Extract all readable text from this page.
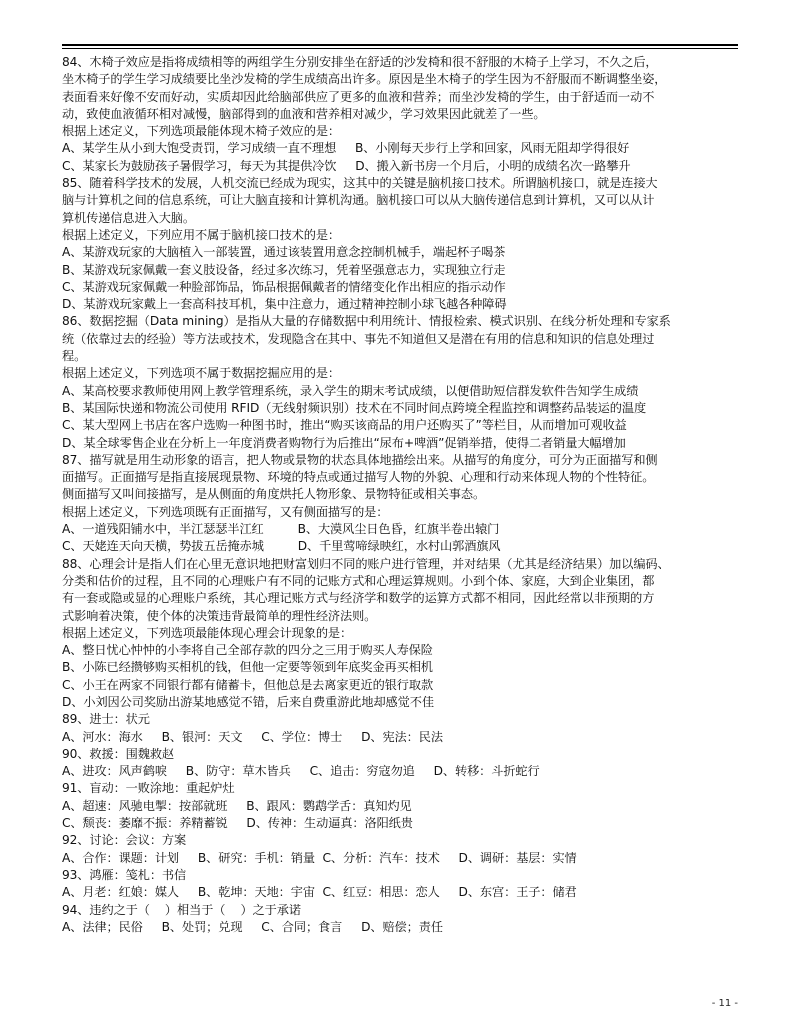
84、木椅子效应是指将成绩相等的两组学生分别安排坐在舒适的沙发椅和很不舒服的木椅子上学习，不久之后，

坐木椅子的学生学习成绩要比坐沙发椅的学生成绩高出许多。原因是坐木椅子的学生因为不舒服而不断调整坐姿，

表面看来好像不安而好动，实质却因此给脑部供应了更多的血液和营养；而坐沙发椅的学生，由于舒适而一动不

动，致使血液循环相对减慢，脑部得到的血液和营养相对减少，学习效果因此就差了一些。

根据上述定义，下列选项最能体现木椅子效应的是：

A、某学生从小到大饱受责罚，学习成绩一直不理想     B、小刚每天步行上学和回家，风雨无阻却学得很好

C、某家长为鼓励孩子暑假学习，每天为其提供冷饮     D、搬入新书房一个月后，小明的成绩名次一路攀升

85、随着科学技术的发展，人机交流已经成为现实，这其中的关键是脑机接口技术。所谓脑机接口，就是连接大

脑与计算机之间的信息系统，可让大脑直接和计算机沟通。脑机接口可以从大脑传递信息到计算机，又可以从计

算机传递信息进入大脑。

根据上述定义，下列应用不属于脑机接口技术的是：

A、某游戏玩家的大脑植入一部装置，通过该装置用意念控制机械手，端起杯子喝茶

B、某游戏玩家佩戴一套义肢设备，经过多次练习，凭着坚强意志力，实现独立行走

C、某游戏玩家佩戴一种脸部饰品，饰品根据佩戴者的情绪变化作出相应的指示动作

D、某游戏玩家戴上一套高科技耳机，集中注意力，通过精神控制小球飞越各种障碍

86、数据挖掘（Data mining）是指从大量的存储数据中利用统计、情报检索、模式识别、在线分析处理和专家系

统（依靠过去的经验）等方法或技术，发现隐含在其中、事先不知道但又是潜在有用的信息和知识的信息处理过

程。

根据上述定义，下列选项不属于数据挖掘应用的是：

A、某高校要求教师使用网上教学管理系统，录入学生的期末考试成绩，以便借助短信群发软件告知学生成绩

B、某国际快递和物流公司使用 RFID（无线射频识别）技术在不同时间点跨境全程监控和调整药品装运的温度

C、某大型网上书店在客户选购一种图书时，推出“购买该商品的用户还购买了”等栏目，从而增加可观收益

D、某全球零售企业在分析上一年度消费者购物行为后推出“尿布+啤酒”促销举措，使得二者销量大幅增加

87、描写就是用生动形象的语言，把人物或景物的状态具体地描绘出来。从描写的角度分，可分为正面描写和侧

面描写。正面描写是指直接展现景物、环境的特点或通过描写人物的外貌、心理和行动来体现人物的个性特征。

侧面描写又叫间接描写，是从侧面的角度烘托人物形象、景物特征或相关事态。

根据上述定义，下列选项既有正面描写，又有侧面描写的是：

A、一道残阳铺水中，半江瑟瑟半江红         B、大漠风尘日色昏，红旗半卷出辕门

C、天姥连天向天横，势拔五岳掩赤城         D、千里莺啼绿映红，水村山郭酒旗风

88、心理会计是指人们在心里无意识地把财富划归不同的账户进行管理，并对结果（尤其是经济结果）加以编码、

分类和估价的过程，且不同的心理账户有不同的记账方式和心理运算规则。小到个体、家庭，大到企业集团，都

有一套或隐或显的心理账户系统，其心理记账方式与经济学和数学的运算方式都不相同，因此经常以非预期的方

式影响着决策，使个体的决策违背最简单的理性经济法则。

根据上述定义，下列选项最能体现心理会计现象的是：

A、整日忧心忡忡的小李将自己全部存款的四分之三用于购买人寿保险

B、小陈已经攒够购买相机的钱，但他一定要等领到年底奖金再买相机

C、小王在两家不同银行都有储蓄卡，但他总是去离家更近的银行取款

D、小刘因公司奖励出游某地感觉不错，后来自费重游此地却感觉不佳

89、进士：状元

A、河水：海水     B、银河：天文     C、学位：博士     D、宪法：民法

90、救援：围魏救赵

A、进攻：风声鹤唳     B、防守：草木皆兵     C、追击：穷寇勿追     D、转移：斗折蛇行

91、盲动：一败涂地：重起炉灶

A、超速：风驰电掣：按部就班     B、跟风：鹦鹉学舌：真知灼见

C、颓丧：萎靡不振：养精蓄锐     D、传神：生动逼真：洛阳纸贵

92、讨论：会议：方案

A、合作：课题：计划     B、研究：手机：销量  C、分析：汽车：技术     D、调研：基层：实情

93、鸿雁：笺札：书信

A、月老：红娘：媒人     B、乾坤：天地：宇宙  C、红豆：相思：恋人     D、东宫：王子：储君

94、违约之于（    ）相当于（    ）之于承诺

A、法律；民俗     B、处罚；兑现     C、合同；食言     D、赔偿；责任

- 11 -
